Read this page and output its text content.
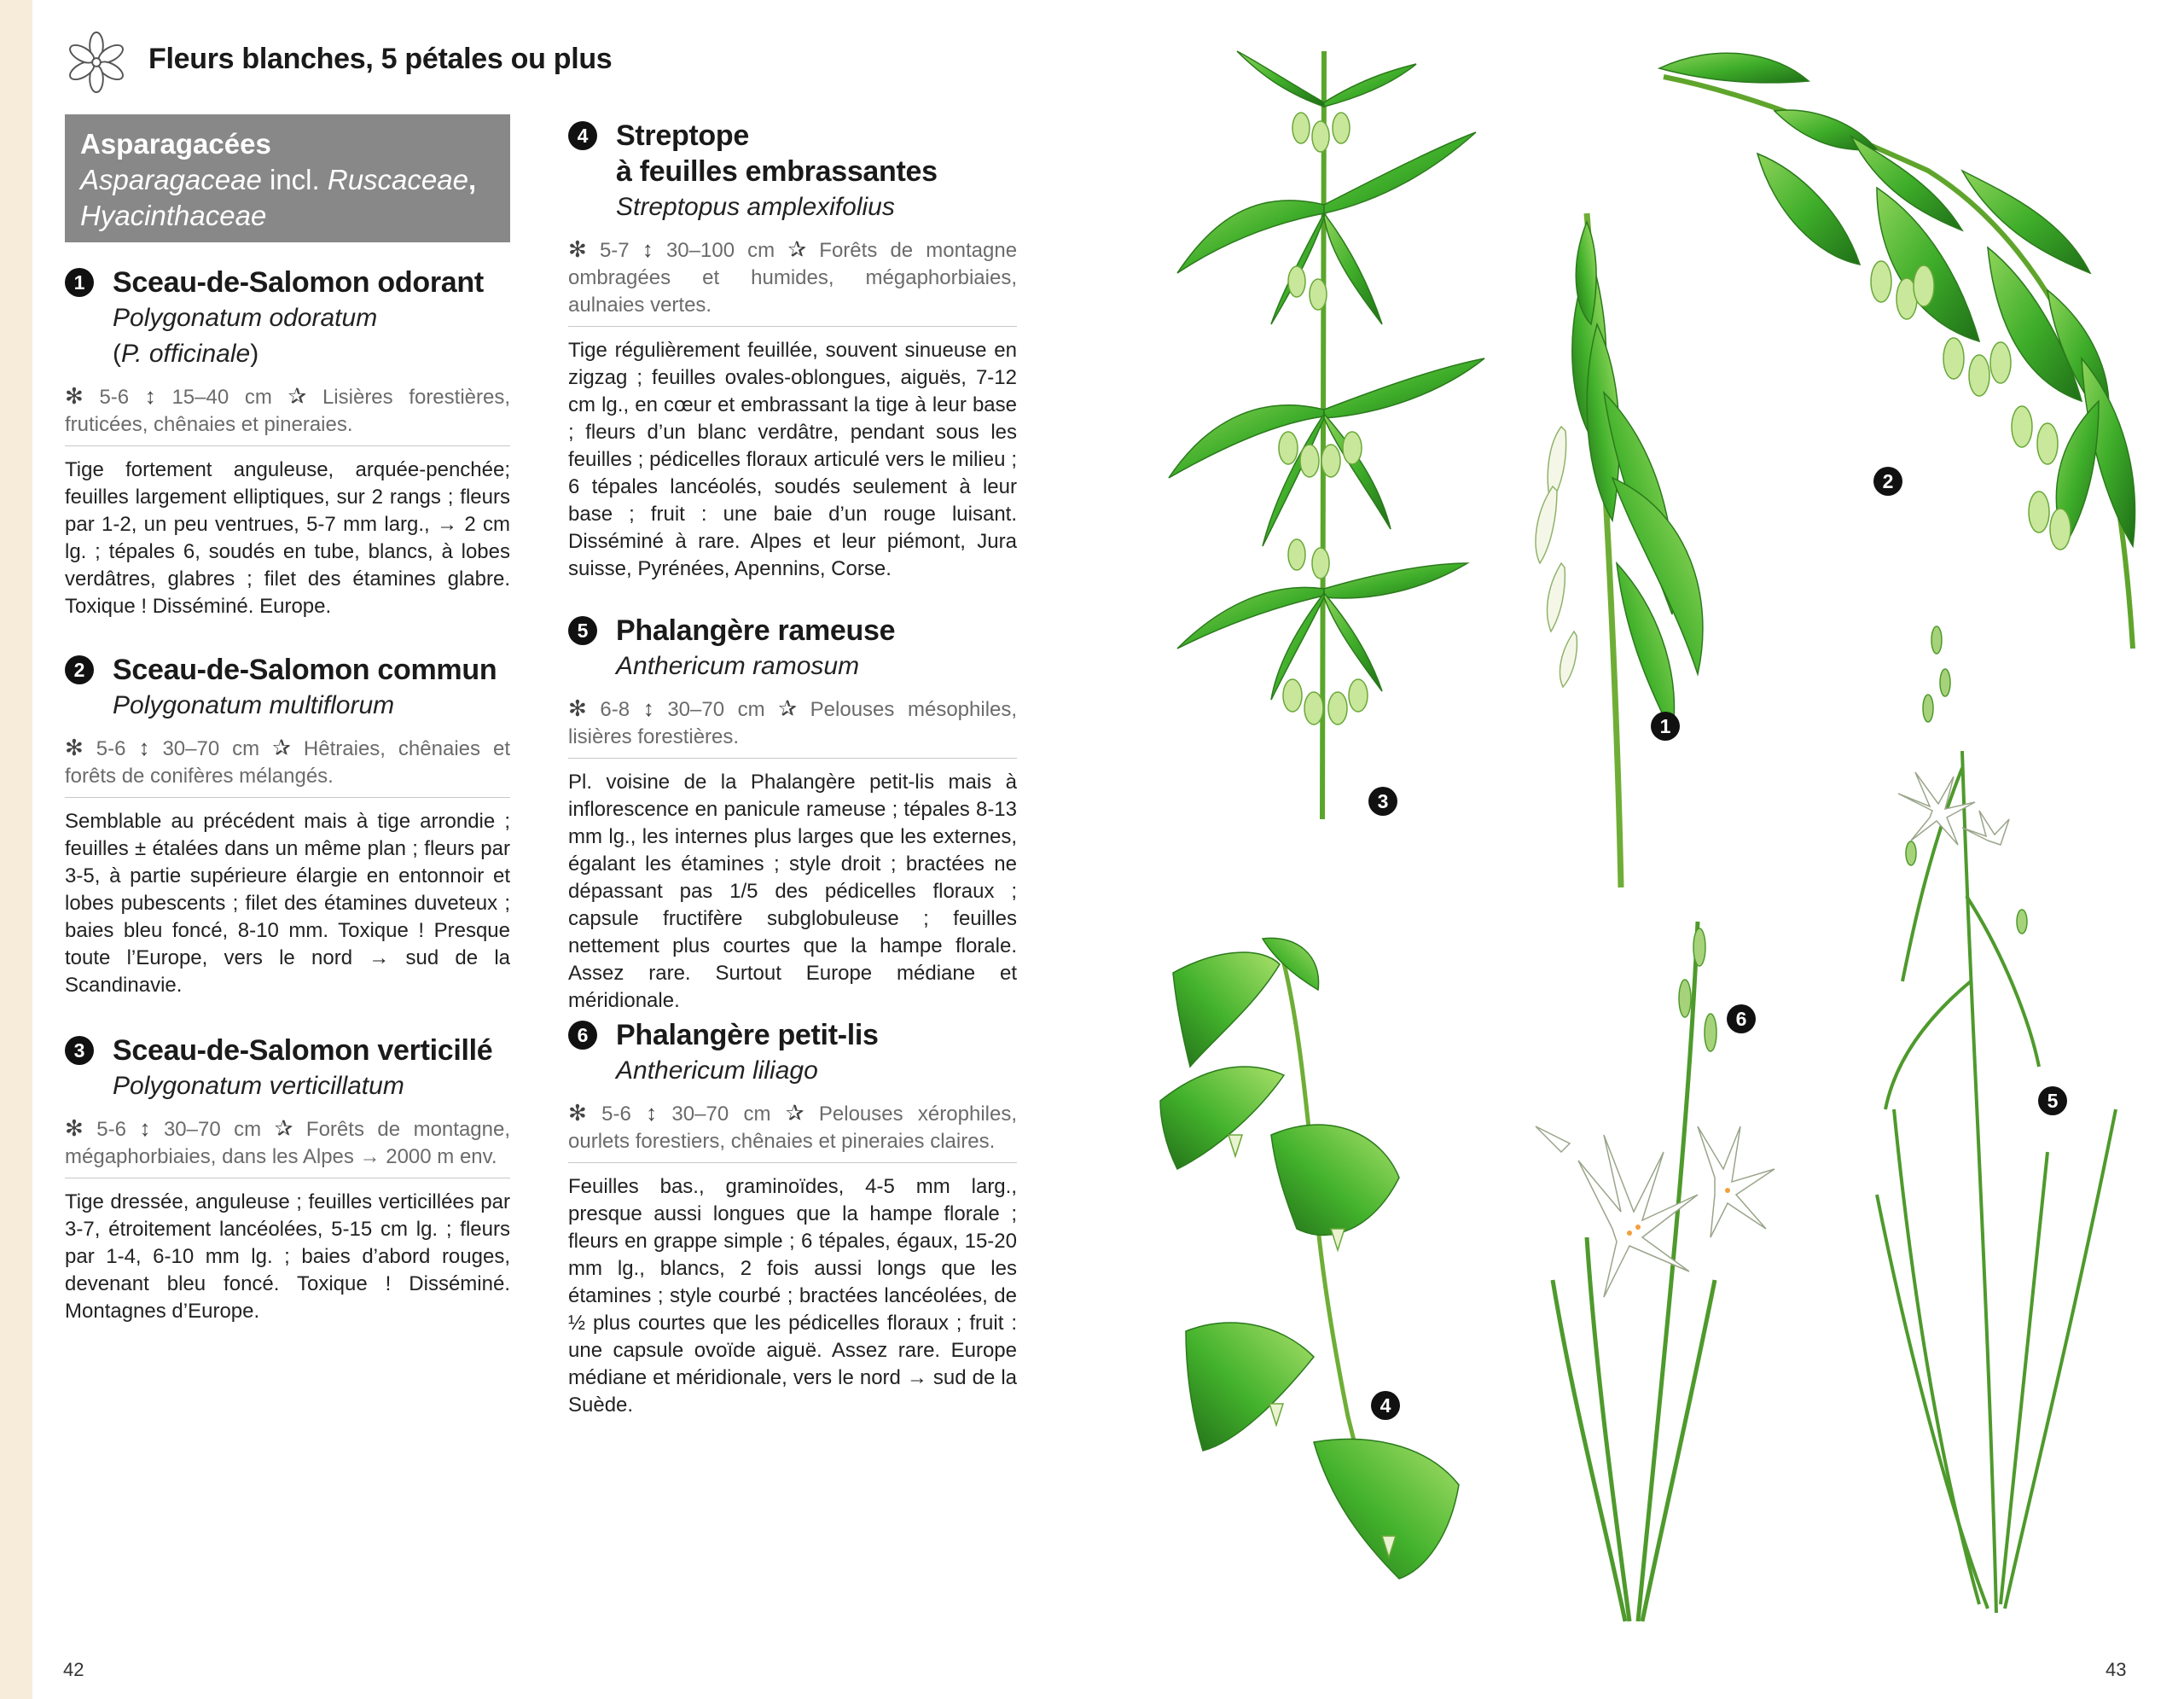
Fleurs blanches, 5 pétales ou plus
Asparagacées
Asparagaceae incl. Ruscaceae,
Hyacinthaceae
1 Sceau-de-Salomon odorant
Polygonatum odoratum
(P. officinale)
✻ 5-6 ↕ 15–40 cm ✰ Lisières forestières, fruticées, chênaies et pineraies.
Tige fortement anguleuse, arquée-penchée; feuilles largement elliptiques, sur 2 rangs ; fleurs par 1-2, un peu ventrues, 5-7 mm larg., → 2 cm lg. ; tépales 6, soudés en tube, blancs, à lobes verdâtres, glabres ; filet des étamines glabre. Toxique ! Disséminé. Europe.
2 Sceau-de-Salomon commun
Polygonatum multiflorum
✻ 5-6 ↕ 30–70 cm ✰ Hêtraies, chênaies et forêts de conifères mélangés.
Semblable au précédent mais à tige arrondie ; feuilles ± étalées dans un même plan ; fleurs par 3-5, à partie supérieure élargie en entonnoir et lobes pubescents ; filet des étamines duveteux ; baies bleu foncé, 8-10 mm. Toxique ! Presque toute l’Europe, vers le nord → sud de la Scandinavie.
3 Sceau-de-Salomon verticillé
Polygonatum verticillatum
✻ 5-6 ↕ 30–70 cm ✰ Forêts de montagne, mégaphorbiaies, dans les Alpes → 2000 m env.
Tige dressée, anguleuse ; feuilles verticillées par 3-7, étroitement lancéolées, 5-15 cm lg. ; fleurs par 1-4, 6-10 mm lg. ; baies d’abord rouges, devenant bleu foncé. Toxique ! Disséminé. Montagnes d’Europe.
4 Streptope
à feuilles embrassantes
Streptopus amplexifolius
✻ 5-7 ↕ 30–100 cm ✰ Forêts de montagne ombragées et humides, mégaphorbiaies, aulnaies vertes.
Tige régulièrement feuillée, souvent sinueuse en zigzag ; feuilles ovales-oblongues, aiguës, 7-12 cm lg., en cœur et embrassant la tige à leur base ; fleurs d’un blanc verdâtre, pendant sous les feuilles ; pédicelles floraux articulé vers le milieu ; 6 tépales lancéolés, soudés seulement à leur base ; fruit : une baie d’un rouge luisant. Disséminé à rare. Alpes et leur piémont, Jura suisse, Pyrénées, Apennins, Corse.
5 Phalangère rameuse
Anthericum ramosum
✻ 6-8 ↕ 30–70 cm ✰ Pelouses mésophiles, lisières forestières.
Pl. voisine de la Phalangère petit-lis mais à inflorescence en panicule rameuse ; tépales 8-13 mm lg., les internes plus larges que les externes, égalant les étamines ; style droit ; bractées ne dépassant pas 1/5 des pédicelles floraux ; capsule fructifère subglobuleuse ; feuilles nettement plus courtes que la hampe florale. Assez rare. Surtout Europe médiane et méridionale.
6 Phalangère petit-lis
Anthericum liliago
✻ 5-6 ↕ 30–70 cm ✰ Pelouses xérophiles, ourlets forestiers, chênaies et pineraies claires.
Feuilles bas., graminoïdes, 4-5 mm larg., presque aussi longues que la hampe florale ; fleurs en grappe simple ; 6 tépales, égaux, 15-20 mm lg., blancs, 2 fois aussi longs que les étamines ; style courbé ; bractées lancéolées, de ½ plus courtes que les pédicelles floraux ; fruit : une capsule ovoïde aiguë. Assez rare. Europe médiane et méridionale, vers le nord → sud de la Suède.
1
2
3
4
5
6
42	43
